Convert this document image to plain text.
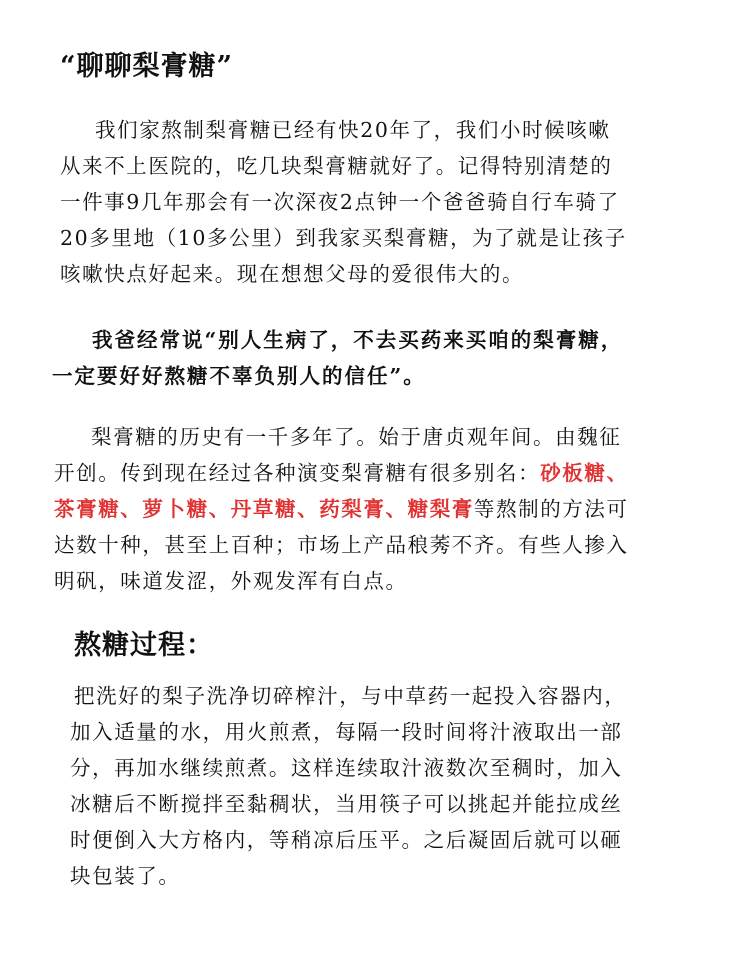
“聊聊梨膏糖”
我们家熬制梨膏糖已经有快20年了，我们小时候咳嗽
从来不上医院的，吃几块梨膏糖就好了。记得特别清楚的
一件事9几年那会有一次深夜2点钟一个爸爸骑自行车骑了
20多里地（10多公里）到我家买梨膏糖，为了就是让孩子
咳嗽快点好起来。现在想想父母的爱很伟大的。
我爸经常说“别人生病了，不去买药来买咱的梨膏糖，
一定要好好熬糖不辜负别人的信任”。
梨膏糖的历史有一千多年了。始于唐贞观年间。由魏征
开创。传到现在经过各种演变梨膏糖有很多别名：砂板糖、
茶膏糖、萝卜糖、丹草糖、药梨膏、糖梨膏等熬制的方法可
达数十种，甚至上百种；市场上产品稂莠不齐。有些人掺入
明矾，味道发涩，外观发浑有白点。
熬糖过程：
把洗好的梨子洗净切碎榨汁，与中草药一起投入容器内，
加入适量的水，用火煎煮，每隔一段时间将汁液取出一部
分，再加水继续煎煮。这样连续取汁液数次至稠时，加入
冰糖后不断搅拌至黏稠状，当用筷子可以挑起并能拉成丝
时便倒入大方格内，等稍凉后压平。之后凝固后就可以砸
块包装了。
